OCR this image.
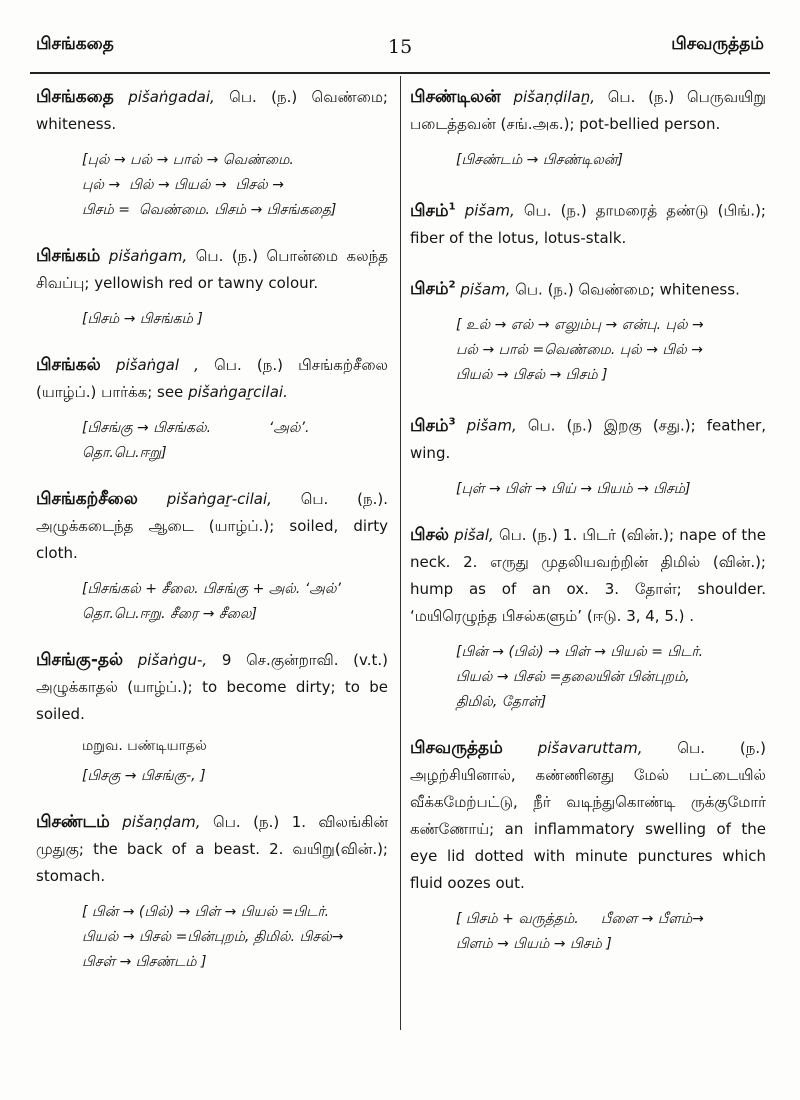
பிசங்கதை	15	பிசவருத்தம்
பிசங்கதை pišaṅgadai, பெ. (ந.) வெண்மை; whiteness.
[புல் → பல் → பால் → வெண்மை.
புல் →  பில் → பியல் →  பிசல் →
பிசம் =  வெண்மை. பிசம் → பிசங்கதை]
பிசங்கம் pišaṅgam, பெ. (ந.) பொன்மை கலந்த சிவப்பு; yellowish red or tawny colour.
[பிசம் → பிசங்கம் ]
பிசங்கல் pišaṅgal , பெ. (ந.) பிசங்கற்சீலை (யாழ்ப்.) பார்க்க; see pišaṅgaṟcilai.
[பிசங்கு → பிசங்கல்.             ‘அல்’.
தொ.பெ.ஈறு]
பிசங்கற்சீலை pišaṅgaṟ-cilai, பெ. (ந.). அழுக்கடைந்த ஆடை (யாழ்ப்.); soiled, dirty cloth.
[பிசங்கல் + சீலை. பிசங்கு + அல். ‘அல்’
தொ.பெ.ஈறு. சீரை → சீலை]
பிசங்கு-தல் pišaṅgu-, 9 செ.குன்றாவி. (v.t.) அழுக்காதல் (யாழ்ப்.); to become dirty; to be soiled.
மறுவ. பண்டியாதல்
[பிசகு → பிசங்கு-, ]
பிசண்டம் pišaṇḍam, பெ. (ந.) 1. விலங்கின் முதுகு; the back of a beast. 2. வயிறு(வின்.); stomach.
[ பின் → (பில்) → பிள் → பியல் =பிடர்.
பியல் → பிசல் =பின்புறம், திமில். பிசல்→
பிசள் → பிசண்டம் ]
பிசண்டிலன் pišaṇḍilaṉ, பெ. (ந.) பெருவயிறு படைத்தவன் (சங்.அக.); pot-bellied person.
[பிசண்டம் → பிசண்டிலன்]
பிசம்$^1$ pišam, பெ. (ந.) தாமரைத் தண்டு (பிங்.); fiber of the lotus, lotus-stalk.
பிசம்$^2$ pišam, பெ. (ந.) வெண்மை; whiteness.
[ உல் → எல் → எலும்பு → என்பு. புல் →
பல் → பால் =வெண்மை. புல் → பில் →
பியல் → பிசல் → பிசம் ]
பிசம்$^3$ pišam, பெ. (ந.) இறகு (சது.); feather, wing.
[புள் → பிள் → பிய் → பியம் → பிசம்]
பிசல் pišal, பெ. (ந.) 1. பிடர் (வின்.); nape of the neck. 2. எருது முதலியவற்றின் திமில் (வின்.); hump as of an ox. 3. தோள்; shoulder. ‘மயிரெழுந்த பிசல்களும்’ (ஈடு. 3, 4, 5.) .
[பின் → (பில்) → பிள் → பியல் = பிடர்.
பியல் → பிசல் =தலையின் பின்புறம்,
திமில், தோள்]
பிசவருத்தம் pišavaruttam, பெ. (ந.) அழற்சியினால், கண்ணினது மேல் பட்டையில் வீக்கமேற்பட்டு, நீர் வடிந்துகொண்டி ருக்குமோர் கண்ணோய்; an inflammatory swelling of the eye lid dotted with minute punctures which fluid oozes out.
[ பிசம் + வருத்தம்.     பீளை → பீளம்→
பிளம் → பியம் → பிசம் ]
